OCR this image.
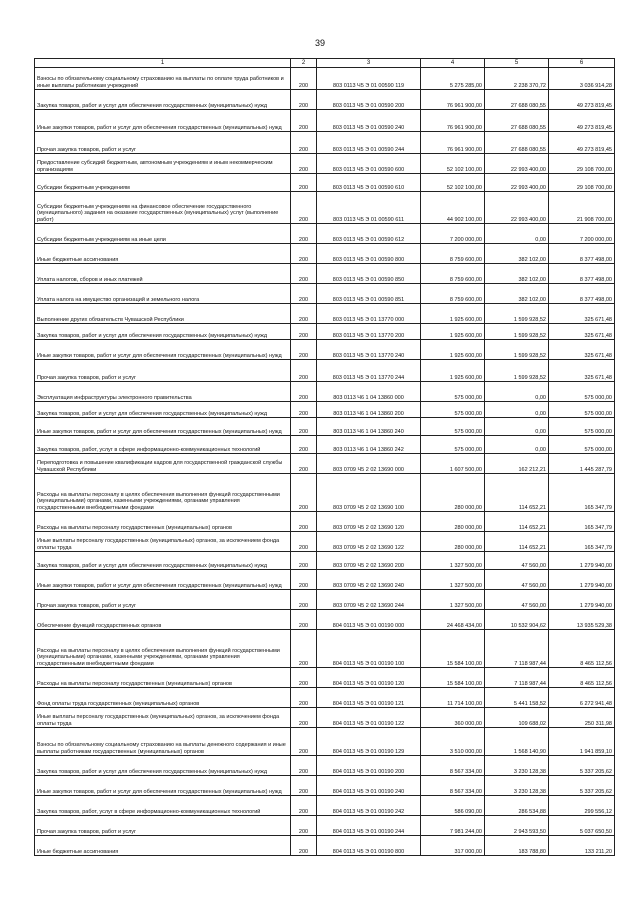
39
1	2	3	4	5	6
Взносы по обязательному социальному страхованию на выплаты по оплате труда работников и иные выплаты работникам учреждений	200	803 0113 Ч5 Э 01 00590 119	5 275 285,00	2 238 370,72	3 036 914,28
Закупка товаров, работ и услуг для обеспечения государственных (муниципальных) нужд	200	803 0113 Ч5 Э 01 00590 200	76 961 900,00	27 688 080,55	49 273 819,45
Иные закупки товаров, работ и услуг для обеспечения государственных (муниципальных) нужд	200	803 0113 Ч5 Э 01 00590 240	76 961 900,00	27 688 080,55	49 273 819,45
Прочая закупка товаров, работ и услуг	200	803 0113 Ч5 Э 01 00590 244	76 961 900,00	27 688 080,55	49 273 819,45
Предоставление субсидий бюджетным, автономным учреждениям и иным некоммерческим организациям	200	803 0113 Ч5 Э 01 00590 600	52 102 100,00	22 993 400,00	29 108 700,00
Субсидии бюджетным учреждениям	200	803 0113 Ч5 Э 01 00590 610	52 102 100,00	22 993 400,00	29 108 700,00
Субсидии бюджетным учреждениям на финансовое обеспечение государственного (муниципального) задания на оказание государственных (муниципальных) услуг (выполнение работ)	200	803 0113 Ч5 Э 01 00590 611	44 902 100,00	22 993 400,00	21 908 700,00
Субсидии бюджетным учреждениям на иные цели	200	803 0113 Ч5 Э 01 00590 612	7 200 000,00	0,00	7 200 000,00
Иные бюджетные ассигнования	200	803 0113 Ч5 Э 01 00590 800	8 759 600,00	382 102,00	8 377 498,00
Уплата налогов, сборов и иных платежей	200	803 0113 Ч5 Э 01 00590 850	8 759 600,00	382 102,00	8 377 498,00
Уплата налога на имущество организаций и земельного налога	200	803 0113 Ч5 Э 01 00590 851	8 759 600,00	382 102,00	8 377 498,00
Выполнение других обязательств Чувашской Республики	200	803 0113 Ч5 Э 01 13770 000	1 925 600,00	1 599 928,52	325 671,48
Закупка товаров, работ и услуг для обеспечения государственных (муниципальных) нужд	200	803 0113 Ч5 Э 01 13770 200	1 925 600,00	1 599 928,52	325 671,48
Иные закупки товаров, работ и услуг для обеспечения государственных (муниципальных) нужд	200	803 0113 Ч5 Э 01 13770 240	1 925 600,00	1 599 928,52	325 671,48
Прочая закупка товаров, работ и услуг	200	803 0113 Ч5 Э 01 13770 244	1 925 600,00	1 599 928,52	325 671,48
Эксплуатация инфраструктуры электронного правительства	200	803 0113 Ч6 1 04 13860 000	575 000,00	0,00	575 000,00
Закупка товаров, работ и услуг для обеспечения государственных (муниципальных) нужд	200	803 0113 Ч6 1 04 13860 200	575 000,00	0,00	575 000,00
Иные закупки товаров, работ и услуг для обеспечения государственных (муниципальных) нужд	200	803 0113 Ч6 1 04 13860 240	575 000,00	0,00	575 000,00
Закупка товаров, работ, услуг в сфере информационно-коммуникационных технологий	200	803 0113 Ч6 1 04 13860 242	575 000,00	0,00	575 000,00
Переподготовка и повышение квалификации кадров для государственной гражданской службы Чувашской Республики	200	803 0709 Ч5 2 02 13690 000	1 607 500,00	162 212,21	1 445 287,79
Расходы на выплаты персоналу в целях обеспечения выполнения функций государственными (муниципальными) органами, казенными учреждениями, органами управления государственными внебюджетными фондами	200	803 0709 Ч5 2 02 13690 100	280 000,00	114 652,21	165 347,79
Расходы на выплаты персоналу государственных (муниципальных) органов	200	803 0709 Ч5 2 02 13690 120	280 000,00	114 652,21	165 347,79
Иные выплаты персоналу государственных (муниципальных) органов, за исключением фонда оплаты труда	200	803 0709 Ч5 2 02 13690 122	280 000,00	114 652,21	165 347,79
Закупка товаров, работ и услуг для обеспечения государственных (муниципальных) нужд	200	803 0709 Ч5 2 02 13690 200	1 327 500,00	47 560,00	1 279 940,00
Иные закупки товаров, работ и услуг для обеспечения государственных (муниципальных) нужд	200	803 0709 Ч5 2 02 13690 240	1 327 500,00	47 560,00	1 279 940,00
Прочая закупка товаров, работ и услуг	200	803 0709 Ч5 2 02 13690 244	1 327 500,00	47 560,00	1 279 940,00
Обеспечение функций государственных органов	200	804 0113 Ч5 Э 01 00190 000	24 468 434,00	10 532 904,62	13 935 529,38
Расходы на выплаты персоналу в целях обеспечения выполнения функций государственными (муниципальными) органами, казенными учреждениями, органами управления государственными внебюджетными фондами	200	804 0113 Ч5 Э 01 00190 100	15 584 100,00	7 118 987,44	8 465 112,56
Расходы на выплаты персоналу государственных (муниципальных) органов	200	804 0113 Ч5 Э 01 00190 120	15 584 100,00	7 118 987,44	8 465 112,56
Фонд оплаты труда государственных (муниципальных) органов	200	804 0113 Ч5 Э 01 00190 121	11 714 100,00	5 441 158,52	6 272 941,48
Иные выплаты персоналу государственных (муниципальных) органов, за исключением фонда оплаты труда	200	804 0113 Ч5 Э 01 00190 122	360 000,00	109 688,02	250 311,98
Взносы по обязательному социальному страхованию на выплаты денежного содержания и иные выплаты работникам государственных (муниципальных) органов	200	804 0113 Ч5 Э 01 00190 129	3 510 000,00	1 568 140,90	1 941 859,10
Закупка товаров, работ и услуг для обеспечения государственных (муниципальных) нужд	200	804 0113 Ч5 Э 01 00190 200	8 567 334,00	3 230 128,38	5 337 205,62
Иные закупки товаров, работ и услуг для обеспечения государственных (муниципальных) нужд	200	804 0113 Ч5 Э 01 00190 240	8 567 334,00	3 230 128,38	5 337 205,62
Закупка товаров, работ, услуг в сфере информационно-коммуникационных технологий	200	804 0113 Ч5 Э 01 00190 242	586 090,00	286 534,88	299 556,12
Прочая закупка товаров, работ и услуг	200	804 0113 Ч5 Э 01 00190 244	7 981 244,00	2 943 593,50	5 037 650,50
Иные бюджетные ассигнования	200	804 0113 Ч5 Э 01 00190 800	317 000,00	183 788,80	133 211,20
